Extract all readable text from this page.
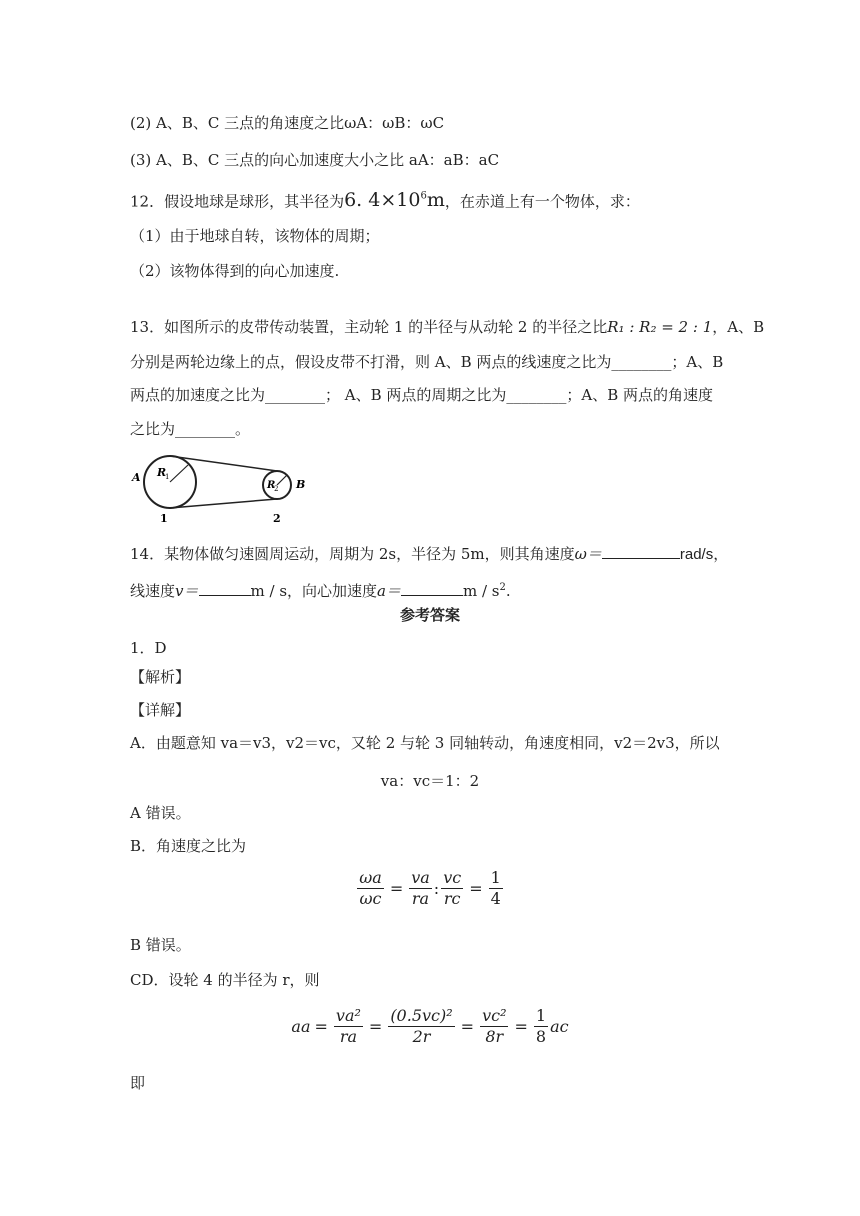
(2) A、B、C 三点的角速度之比ωA：ωB：ωC
(3) A、B、C 三点的向心加速度大小之比 aA：aB：aC
12．假设地球是球形，其半径为6. $4\times 10^6m$，在赤道上有一个物体，求：
（1）由于地球自转，该物体的周期；
（2）该物体得到的向心加速度.
13．如图所示的皮带传动装置，主动轮 1 的半径与从动轮 2 的半径之比R₁ : R₂ = 2 : 1，A、B
分别是两轮边缘上的点，假设皮带不打滑，则 A、B 两点的线速度之比为________；A、B
两点的加速度之比为________； A、B 两点的周期之比为________；A、B 两点的角速度
之比为________。
A
B
R
1
R
2
1	2
14．某物体做匀速圆周运动，周期为 2s，半径为 5m，则其角速度ω＝	rad/s，
线速度v＝	m / s，向心加速度a＝	m / $s^2$.
参考答案
1．D
【解析】
【详解】
A．由题意知 va＝v3，v2＝vc，又轮 2 与轮 3 同轴转动，角速度相同，v2＝2v3，所以
va：vc＝1：2
A 错误。
B．角速度之比为
$\frac{\omega a}{\omega c} = \frac{va}{ra}$ : $\frac{vc}{rc} = \frac{1}{4}$
B 错误。
CD．设轮 4 的半径为 r，则
aa = $\frac{\text{va²}}{ra} = \frac{\text{(0.5vc)²}}{2r} = \frac{\text{vc²}}{8r} = \frac{1}{8}$ ac
即
